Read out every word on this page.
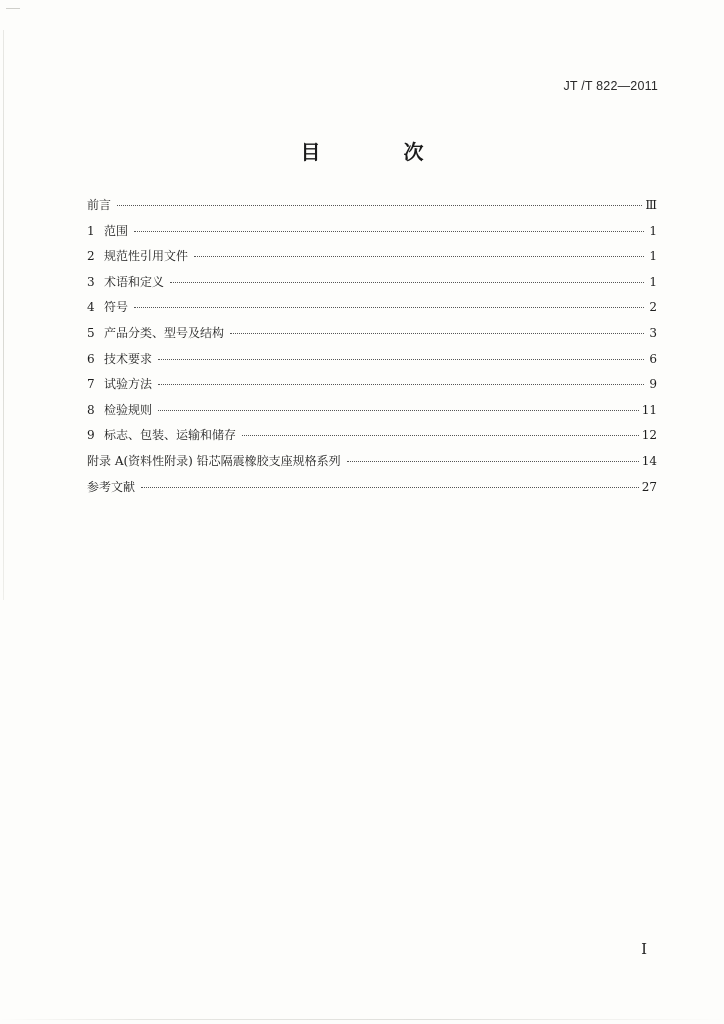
JT /T 822—2011
目 次
前言	Ⅲ
1 范围	1
2 规范性引用文件	1
3 术语和定义	1
4 符号	2
5 产品分类、型号及结构	3
6 技术要求	6
7 试验方法	9
8 检验规则	11
9 标志、包装、运输和储存	12
附录 A(资料性附录) 铅芯隔震橡胶支座规格系列	14
参考文献	27
I
